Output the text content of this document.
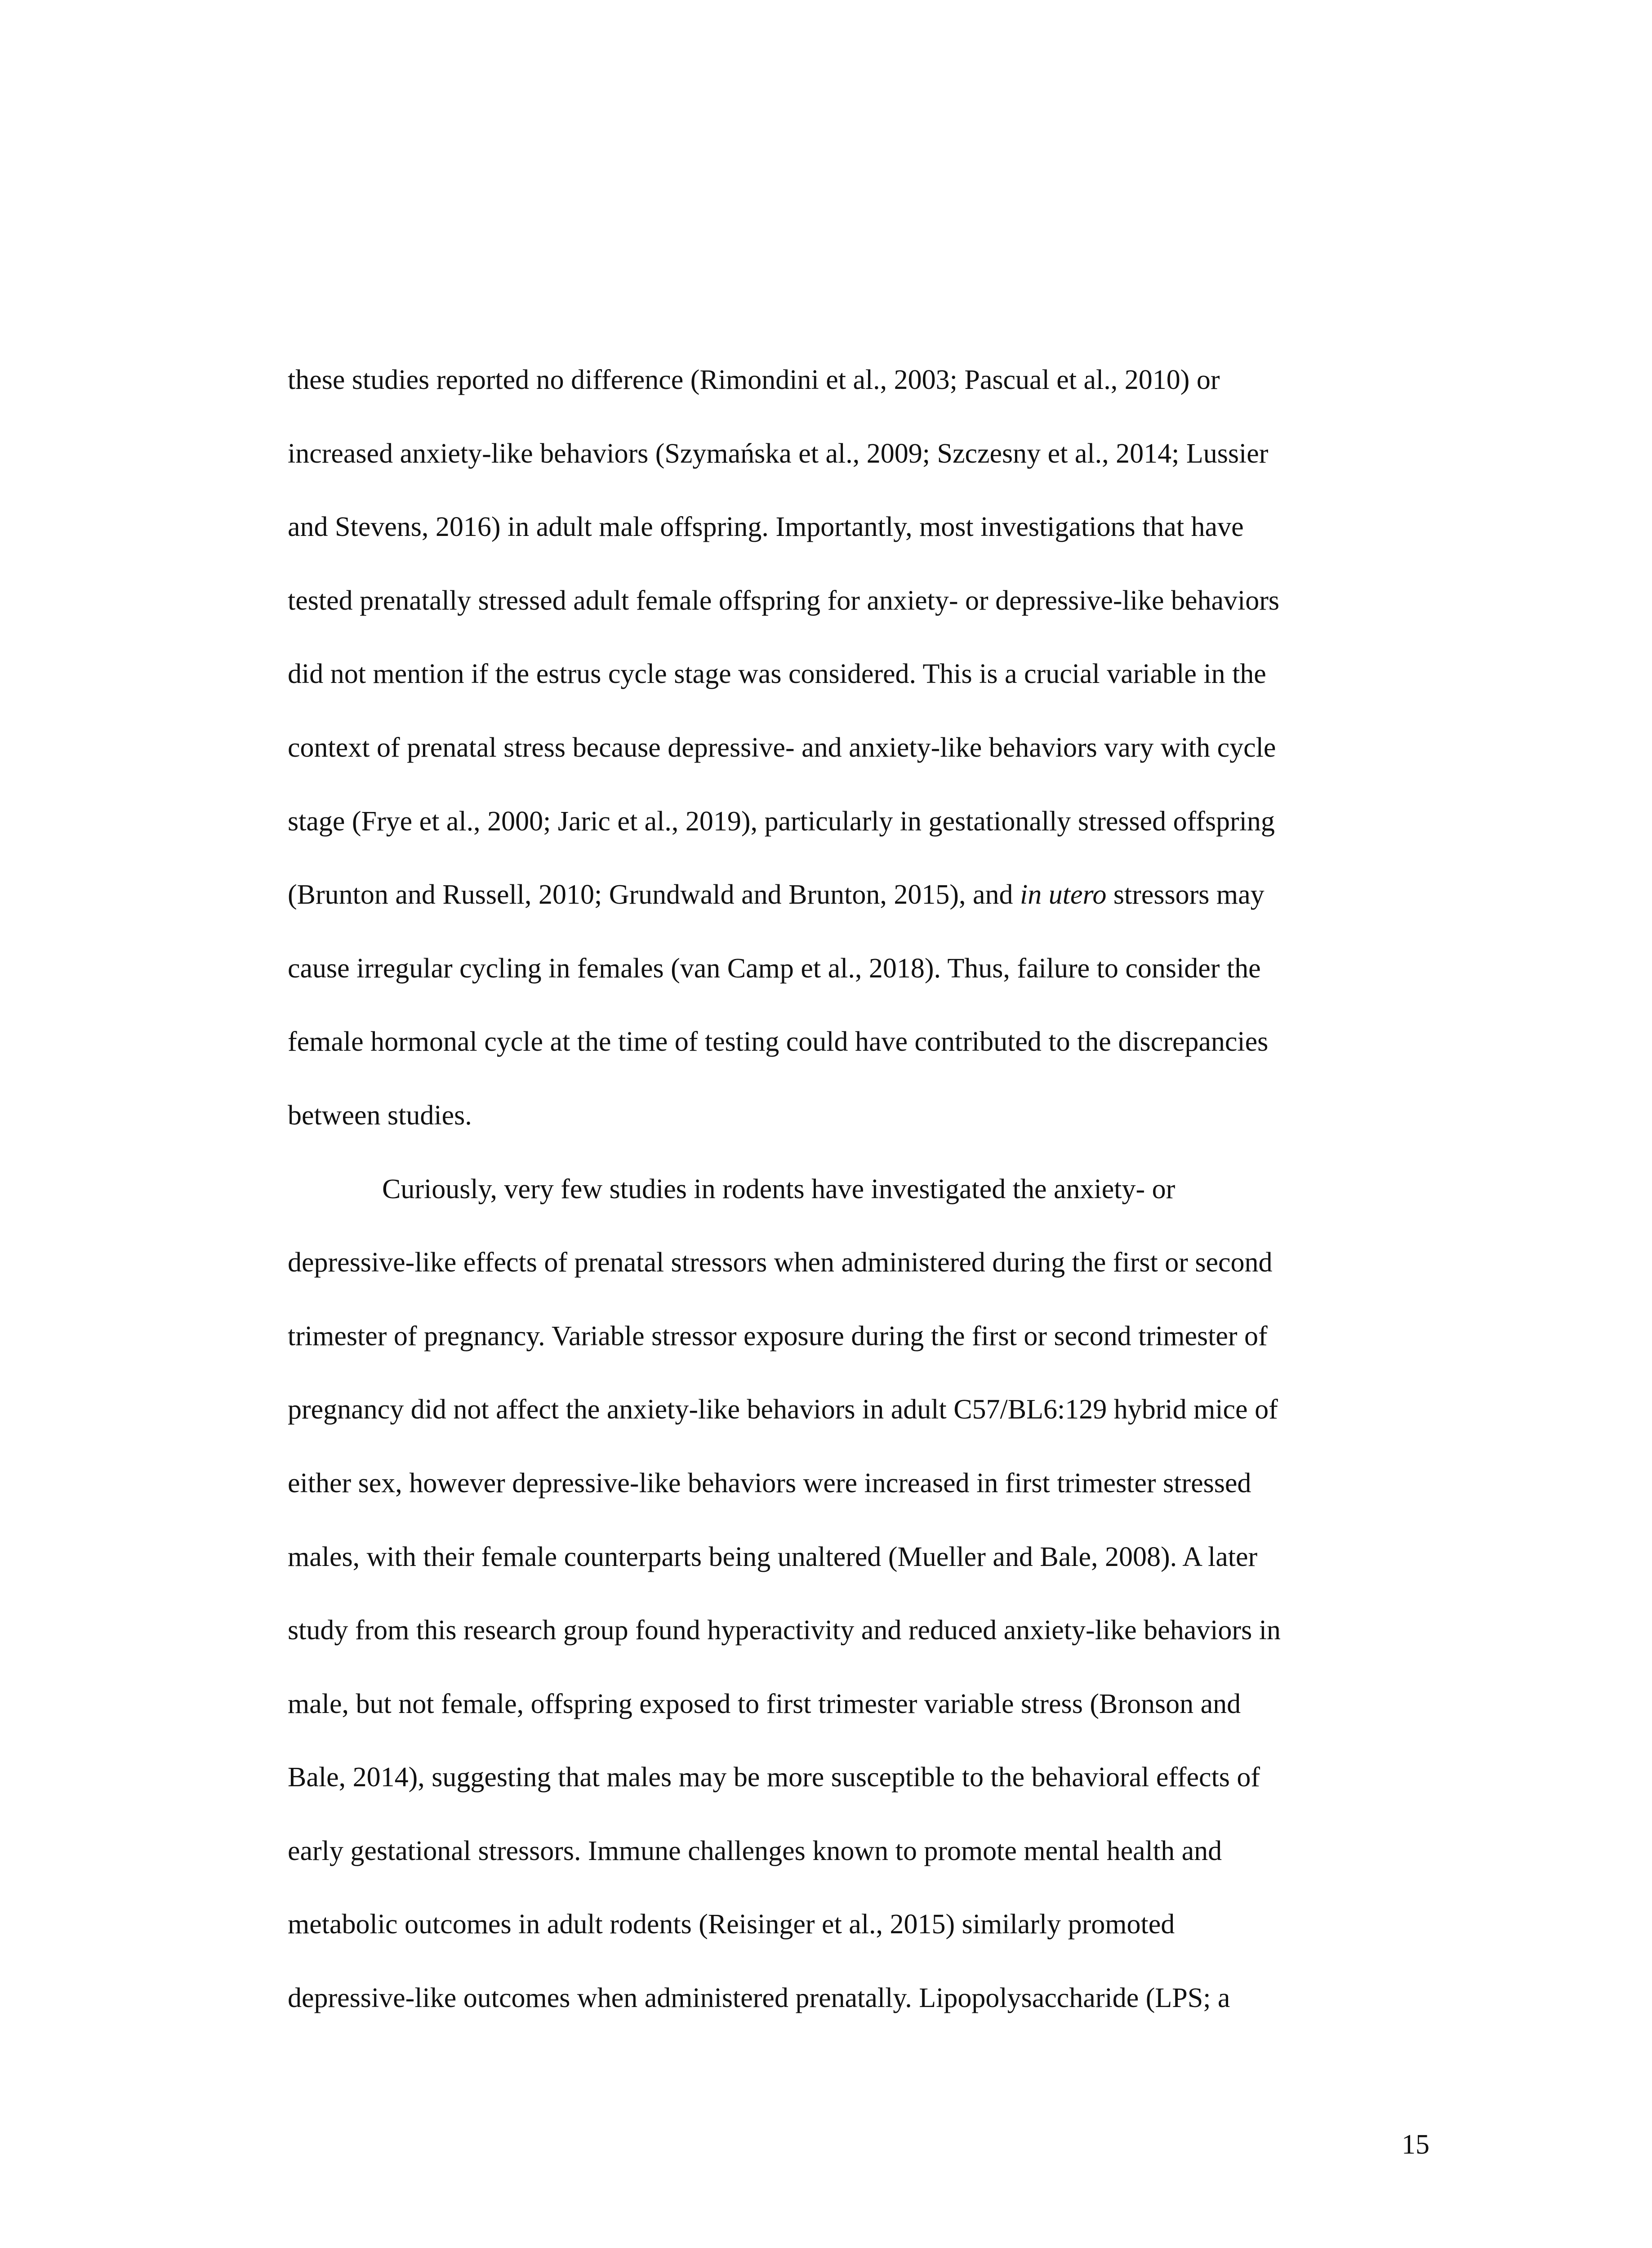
these studies reported no difference (Rimondini et al., 2003; Pascual et al., 2010) or
increased anxiety-like behaviors (Szymańska et al., 2009; Szczesny et al., 2014; Lussier
and Stevens, 2016) in adult male offspring. Importantly, most investigations that have
tested prenatally stressed adult female offspring for anxiety- or depressive-like behaviors
did not mention if the estrus cycle stage was considered. This is a crucial variable in the
context of prenatal stress because depressive- and anxiety-like behaviors vary with cycle
stage (Frye et al., 2000; Jaric et al., 2019), particularly in gestationally stressed offspring
(Brunton and Russell, 2010; Grundwald and Brunton, 2015), and in utero stressors may
cause irregular cycling in females (van Camp et al., 2018). Thus, failure to consider the
female hormonal cycle at the time of testing could have contributed to the discrepancies
between studies.
Curiously, very few studies in rodents have investigated the anxiety- or
depressive-like effects of prenatal stressors when administered during the first or second
trimester of pregnancy. Variable stressor exposure during the first or second trimester of
pregnancy did not affect the anxiety-like behaviors in adult C57/BL6:129 hybrid mice of
either sex, however depressive-like behaviors were increased in first trimester stressed
males, with their female counterparts being unaltered (Mueller and Bale, 2008). A later
study from this research group found hyperactivity and reduced anxiety-like behaviors in
male, but not female, offspring exposed to first trimester variable stress (Bronson and
Bale, 2014), suggesting that males may be more susceptible to the behavioral effects of
early gestational stressors. Immune challenges known to promote mental health and
metabolic outcomes in adult rodents (Reisinger et al., 2015) similarly promoted
depressive-like outcomes when administered prenatally. Lipopolysaccharide (LPS; a
15
